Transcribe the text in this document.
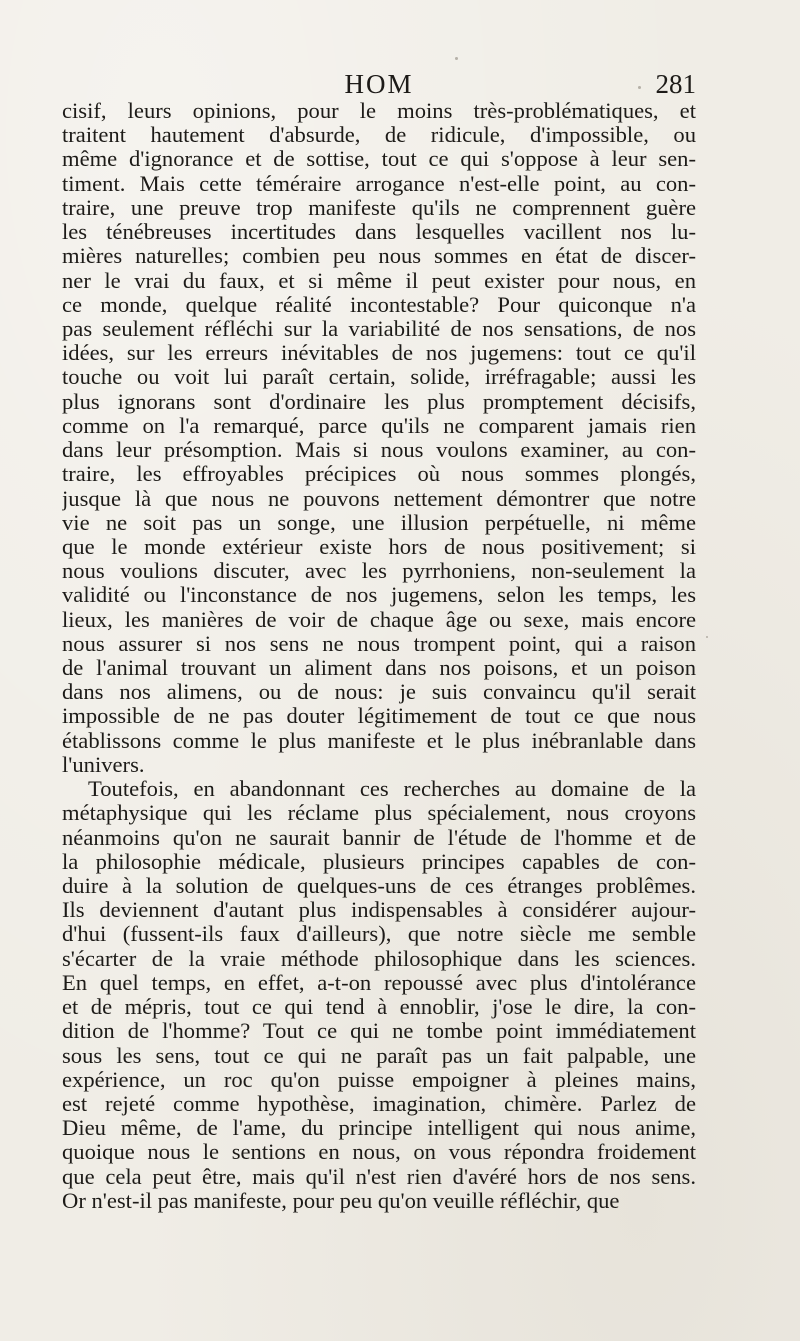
HOM	281
cisif, leurs opinions, pour le moins très-problématiques, et
traitent hautement d'absurde, de ridicule, d'impossible, ou
même d'ignorance et de sottise, tout ce qui s'oppose à leur sen-
timent. Mais cette téméraire arrogance n'est-elle point, au con-
traire, une preuve trop manifeste qu'ils ne comprennent guère
les ténébreuses incertitudes dans lesquelles vacillent nos lu-
mières naturelles; combien peu nous sommes en état de discer-
ner le vrai du faux, et si même il peut exister pour nous, en
ce monde, quelque réalité incontestable? Pour quiconque n'a
pas seulement réfléchi sur la variabilité de nos sensations, de nos
idées, sur les erreurs inévitables de nos jugemens: tout ce qu'il
touche ou voit lui paraît certain, solide, irréfragable; aussi les
plus ignorans sont d'ordinaire les plus promptement décisifs,
comme on l'a remarqué, parce qu'ils ne comparent jamais rien
dans leur présomption. Mais si nous voulons examiner, au con-
traire, les effroyables précipices où nous sommes plongés,
jusque là que nous ne pouvons nettement démontrer que notre
vie ne soit pas un songe, une illusion perpétuelle, ni même
que le monde extérieur existe hors de nous positivement; si
nous voulions discuter, avec les pyrrhoniens, non-seulement la
validité ou l'inconstance de nos jugemens, selon les temps, les
lieux, les manières de voir de chaque âge ou sexe, mais encore
nous assurer si nos sens ne nous trompent point, qui a raison
de l'animal trouvant un aliment dans nos poisons, et un poison
dans nos alimens, ou de nous: je suis convaincu qu'il serait
impossible de ne pas douter légitimement de tout ce que nous
établissons comme le plus manifeste et le plus inébranlable dans
l'univers.
Toutefois, en abandonnant ces recherches au domaine de la
métaphysique qui les réclame plus spécialement, nous croyons
néanmoins qu'on ne saurait bannir de l'étude de l'homme et de
la philosophie médicale, plusieurs principes capables de con-
duire à la solution de quelques-uns de ces étranges problêmes.
Ils deviennent d'autant plus indispensables à considérer aujour-
d'hui (fussent-ils faux d'ailleurs), que notre siècle me semble
s'écarter de la vraie méthode philosophique dans les sciences.
En quel temps, en effet, a-t-on repoussé avec plus d'intolérance
et de mépris, tout ce qui tend à ennoblir, j'ose le dire, la con-
dition de l'homme? Tout ce qui ne tombe point immédiatement
sous les sens, tout ce qui ne paraît pas un fait palpable, une
expérience, un roc qu'on puisse empoigner à pleines mains,
est rejeté comme hypothèse, imagination, chimère. Parlez de
Dieu même, de l'ame, du principe intelligent qui nous anime,
quoique nous le sentions en nous, on vous répondra froidement
que cela peut être, mais qu'il n'est rien d'avéré hors de nos sens.
Or n'est-il pas manifeste, pour peu qu'on veuille réfléchir, que
